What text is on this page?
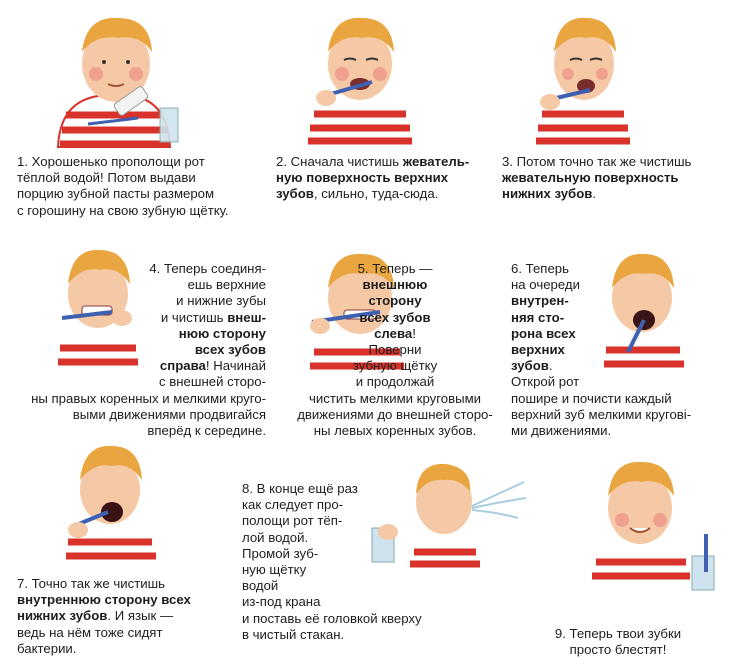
1. Хорошенько прополощи рот
тёплой водой! Потом выдави
порцию зубной пасты размером
с горошину на свою зубную щётку.
2. Сначала чистишь жеватель-
ную поверхность верхних
зубов, сильно, туда-сюда.
3. Потом точно так же чистишь
жевательную поверхность
нижних зубов.
4. Теперь соединя-
ешь верхние
и нижние зубы
и чистишь внеш-
нюю сторону
всех зубов
справа! Начинай
с внешней сторо-
ны правых коренных и мелкими круго-
выми движениями продвигайся
вперёд к середине.
5. Теперь —
внешнюю
сторону
всех зубов
слева!
Поверни
зубную щётку
и продолжай
чистить мелкими круговыми
движениями до внешней сторо-
ны левых коренных зубов.
6. Теперь
на очереди
внутрен-
няя сто-
рона всех
верхних
зубов.
Открой рот
пошире и почисти каждый
верхний зуб мелкими кругові-
ми движениями.
7. Точно так же чистишь
внутреннюю сторону всех
нижних зубов. И язык —
ведь на нём тоже сидят
бактерии.
8. В конце ещё раз
как следует про-
полощи рот тёп-
лой водой.
Промой зуб-
ную щётку
водой
из-под крана
и поставь её головкой кверху
в чистый стакан.	9. Теперь твои зубки
просто блестят!
